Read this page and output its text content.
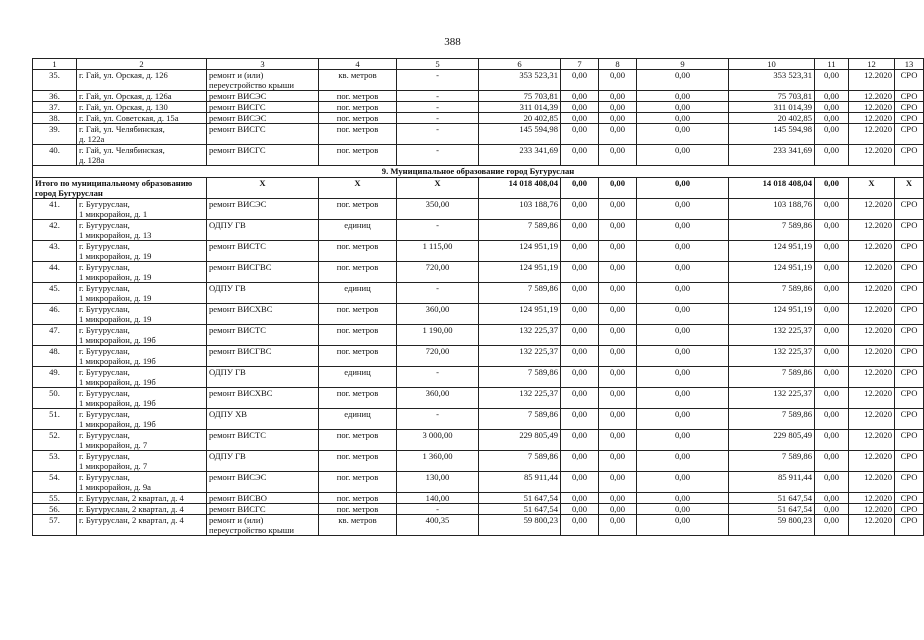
388
1	2	3	4	5	6	7	8	9	10	11	12	13
35.	г. Гай, ул. Орская, д. 126	ремонт и (или)
переустройство крыши	кв. метров	-	353 523,31	0,00	0,00	0,00	353 523,31	0,00	12.2020	СРО
36.	г. Гай, ул. Орская, д. 126а	ремонт ВИСЭС	пог. метров	-	75 703,81	0,00	0,00	0,00	75 703,81	0,00	12.2020	СРО
37.	г. Гай, ул. Орская, д. 130	ремонт ВИСГС	пог. метров	-	311 014,39	0,00	0,00	0,00	311 014,39	0,00	12.2020	СРО
38.	г. Гай, ул. Советская, д. 15а	ремонт ВИСЭС	пог. метров	-	20 402,85	0,00	0,00	0,00	20 402,85	0,00	12.2020	СРО
39.	г. Гай, ул. Челябинская,
д. 122а	ремонт ВИСГС	пог. метров	-	145 594,98	0,00	0,00	0,00	145 594,98	0,00	12.2020	СРО
40.	г. Гай, ул. Челябинская,
д. 128а	ремонт ВИСГС	пог. метров	-	233 341,69	0,00	0,00	0,00	233 341,69	0,00	12.2020	СРО
9. Муниципальное образование город Бугуруслан												
Итого по муниципальному образованию город Бугуруслан		X	X	X	14 018 408,04	0,00	0,00	0,00	14 018 408,04	0,00	X	X
41.	г. Бугуруслан,
1 микрорайон, д. 1	ремонт ВИСЭС	пог. метров	350,00	103 188,76	0,00	0,00	0,00	103 188,76	0,00	12.2020	СРО
42.	г. Бугуруслан,
1 микрорайон, д. 13	ОДПУ ГВ	единиц	-	7 589,86	0,00	0,00	0,00	7 589,86	0,00	12.2020	СРО
43.	г. Бугуруслан,
1 микрорайон, д. 19	ремонт ВИСТС	пог. метров	1 115,00	124 951,19	0,00	0,00	0,00	124 951,19	0,00	12.2020	СРО
44.	г. Бугуруслан,
1 микрорайон, д. 19	ремонт ВИСГВС	пог. метров	720,00	124 951,19	0,00	0,00	0,00	124 951,19	0,00	12.2020	СРО
45.	г. Бугуруслан,
1 микрорайон, д. 19	ОДПУ ГВ	единиц	-	7 589,86	0,00	0,00	0,00	7 589,86	0,00	12.2020	СРО
46.	г. Бугуруслан,
1 микрорайон, д. 19	ремонт ВИСХВС	пог. метров	360,00	124 951,19	0,00	0,00	0,00	124 951,19	0,00	12.2020	СРО
47.	г. Бугуруслан,
1 микрорайон, д. 19б	ремонт ВИСТС	пог. метров	1 190,00	132 225,37	0,00	0,00	0,00	132 225,37	0,00	12.2020	СРО
48.	г. Бугуруслан,
1 микрорайон, д. 19б	ремонт ВИСГВС	пог. метров	720,00	132 225,37	0,00	0,00	0,00	132 225,37	0,00	12.2020	СРО
49.	г. Бугуруслан,
1 микрорайон, д. 19б	ОДПУ ГВ	единиц	-	7 589,86	0,00	0,00	0,00	7 589,86	0,00	12.2020	СРО
50.	г. Бугуруслан,
1 микрорайон, д. 19б	ремонт ВИСХВС	пог. метров	360,00	132 225,37	0,00	0,00	0,00	132 225,37	0,00	12.2020	СРО
51.	г. Бугуруслан,
1 микрорайон, д. 19б	ОДПУ ХВ	единиц	-	7 589,86	0,00	0,00	0,00	7 589,86	0,00	12.2020	СРО
52.	г. Бугуруслан,
1 микрорайон, д. 7	ремонт ВИСТС	пог. метров	3 000,00	229 805,49	0,00	0,00	0,00	229 805,49	0,00	12.2020	СРО
53.	г. Бугуруслан,
1 микрорайон, д. 7	ОДПУ ГВ	пог. метров	1 360,00	7 589,86	0,00	0,00	0,00	7 589,86	0,00	12.2020	СРО
54.	г. Бугуруслан,
1 микрорайон, д. 9а	ремонт ВИСЭС	пог. метров	130,00	85 911,44	0,00	0,00	0,00	85 911,44	0,00	12.2020	СРО
55.	г. Бугуруслан, 2 квартал, д. 4	ремонт ВИСВО	пог. метров	140,00	51 647,54	0,00	0,00	0,00	51 647,54	0,00	12.2020	СРО
56.	г. Бугуруслан, 2 квартал, д. 4	ремонт ВИСГС	пог. метров	-	51 647,54	0,00	0,00	0,00	51 647,54	0,00	12.2020	СРО
57.	г. Бугуруслан, 2 квартал, д. 4	ремонт и (или)
переустройство крыши	кв. метров	400,35	59 800,23	0,00	0,00	0,00	59 800,23	0,00	12.2020	СРО
